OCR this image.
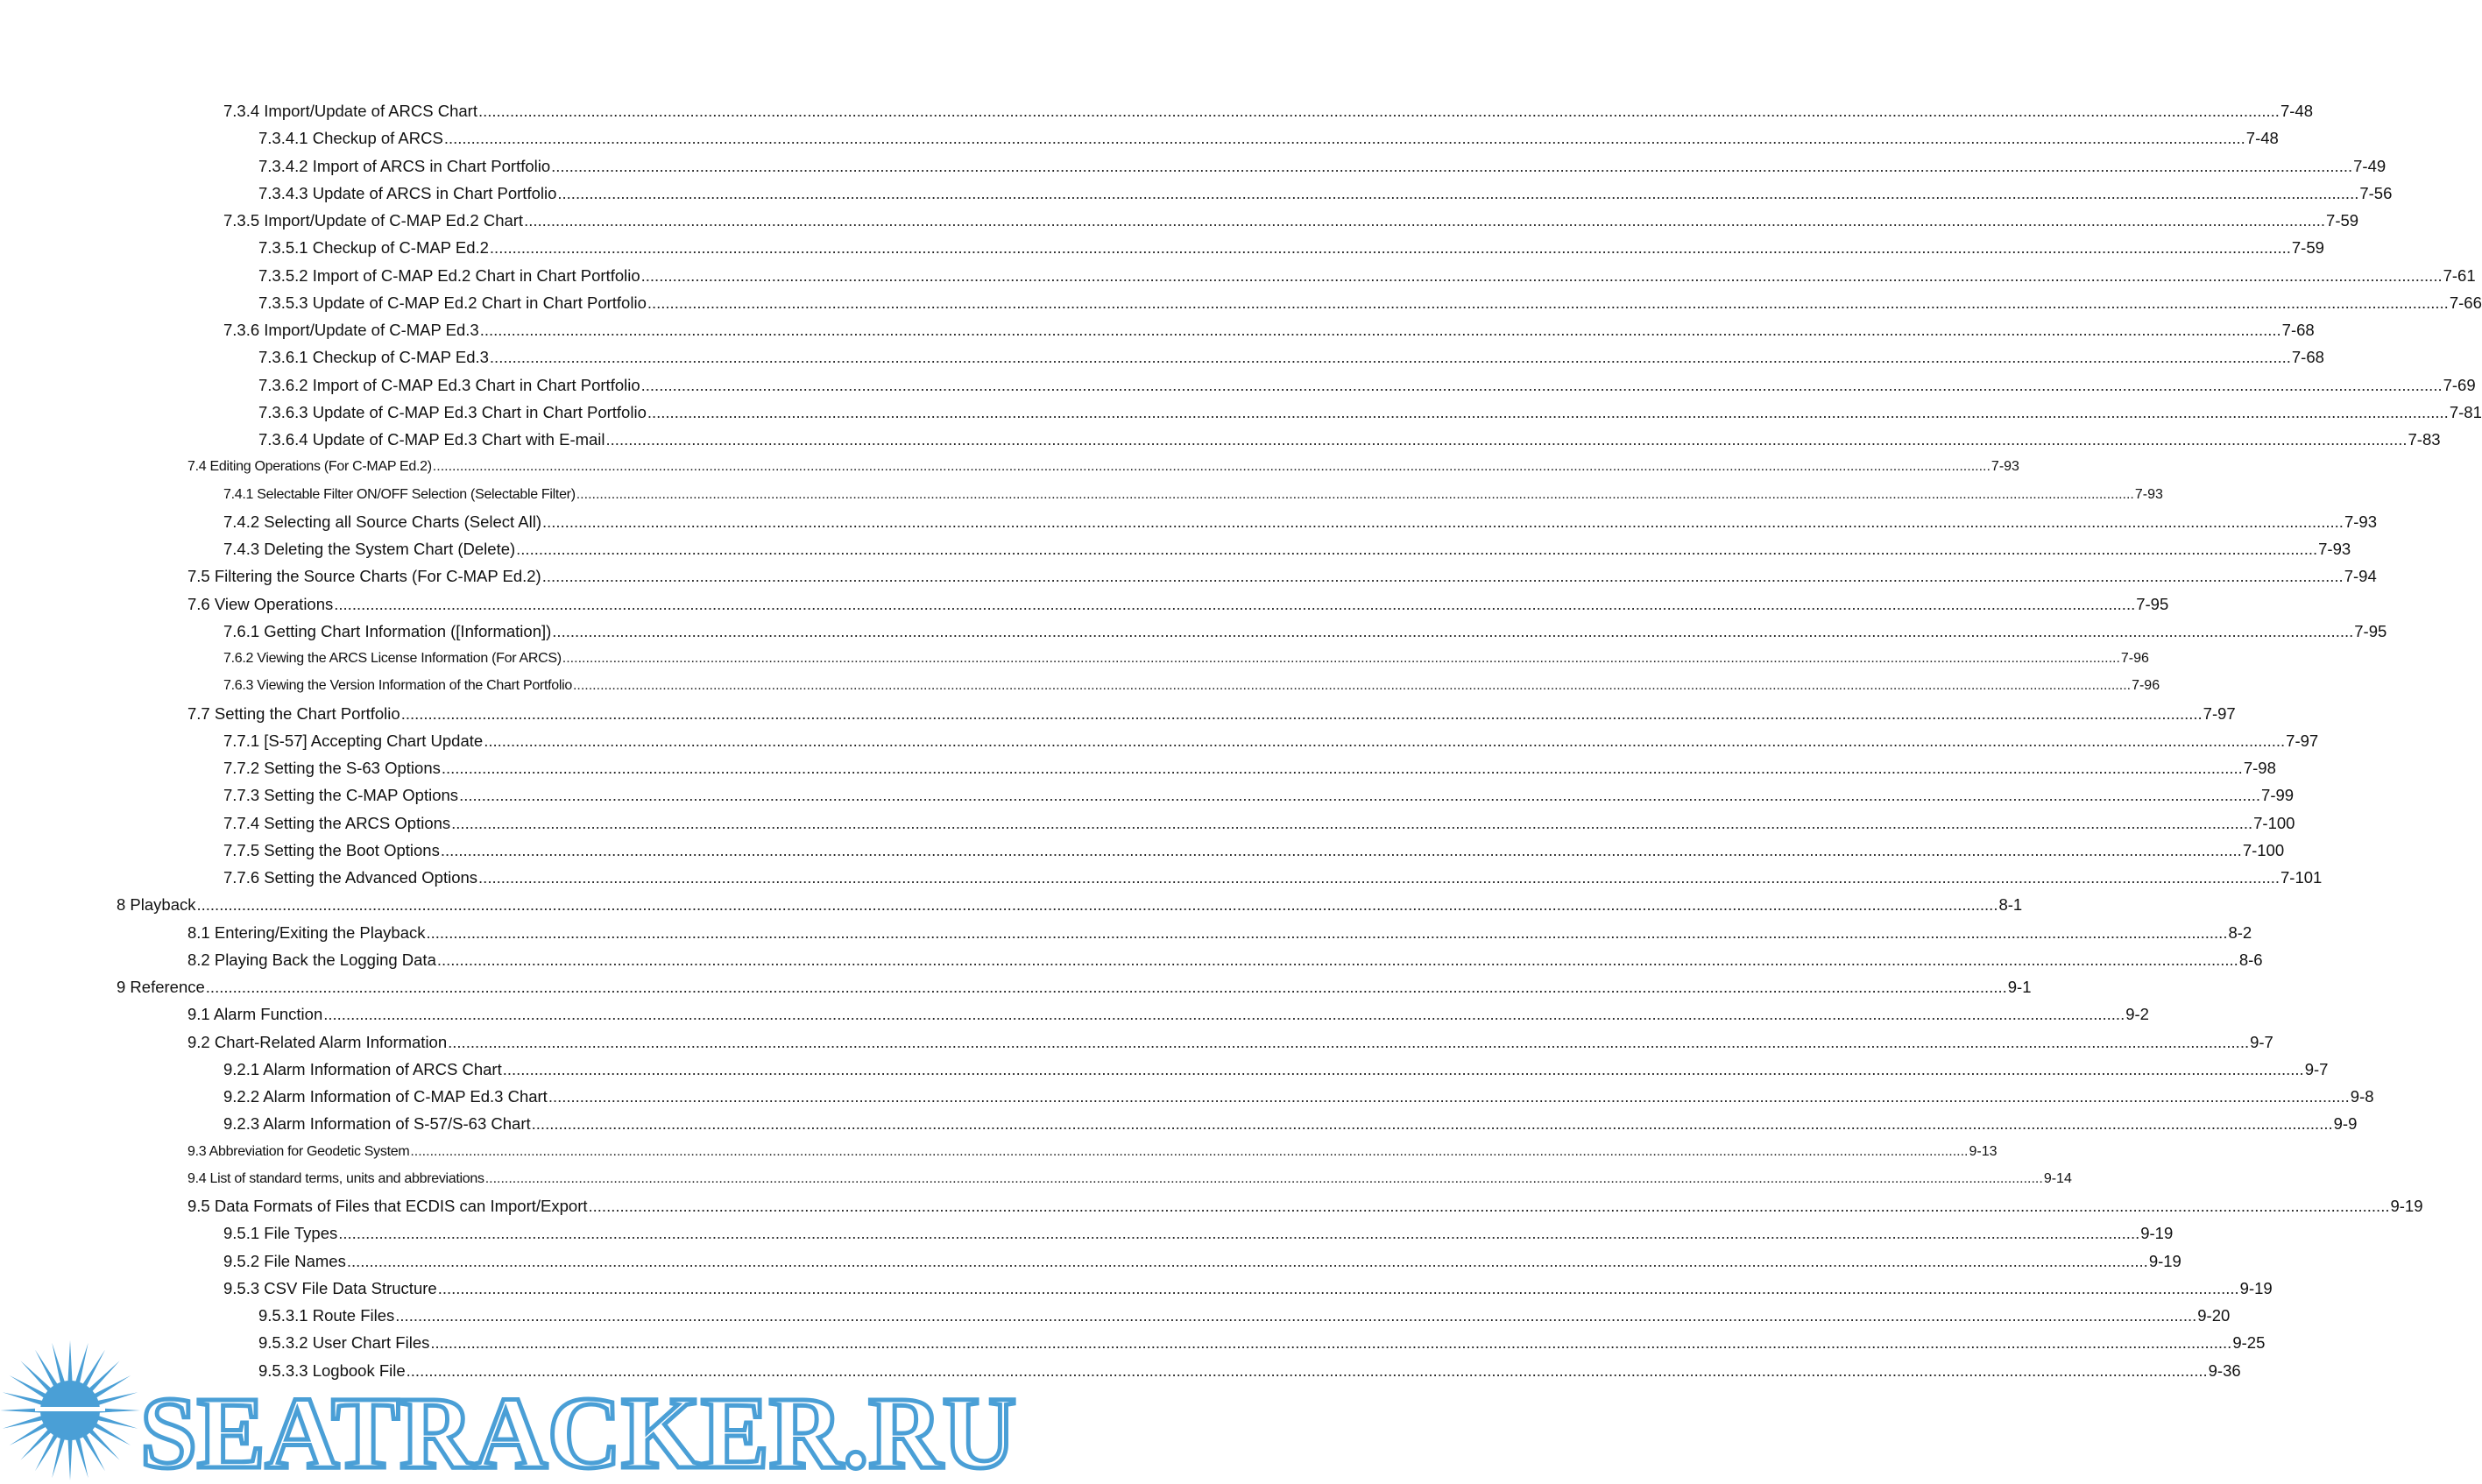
7.3.4 Import/Update of ARCS Chart ................................................................................................................................................................................................................................................................................................................................................................................................................ 7-48
7.3.4.1 Checkup of ARCS ................................................................................................................................................................................................................................................................................................................................................................................................................ 7-48
7.3.4.2 Import of ARCS in Chart Portfolio ................................................................................................................................................................................................................................................................................................................................................................................................................ 7-49
7.3.4.3 Update of ARCS in Chart Portfolio ................................................................................................................................................................................................................................................................................................................................................................................................................ 7-56
7.3.5 Import/Update of C-MAP Ed.2 Chart ................................................................................................................................................................................................................................................................................................................................................................................................................ 7-59
7.3.5.1 Checkup of C-MAP Ed.2 ................................................................................................................................................................................................................................................................................................................................................................................................................ 7-59
7.3.5.2 Import of C-MAP Ed.2 Chart in Chart Portfolio ................................................................................................................................................................................................................................................................................................................................................................................................................ 7-61
7.3.5.3 Update of C-MAP Ed.2 Chart in Chart Portfolio ................................................................................................................................................................................................................................................................................................................................................................................................................ 7-66
7.3.6 Import/Update of C-MAP Ed.3 ................................................................................................................................................................................................................................................................................................................................................................................................................ 7-68
7.3.6.1 Checkup of C-MAP Ed.3 ................................................................................................................................................................................................................................................................................................................................................................................................................ 7-68
7.3.6.2 Import of C-MAP Ed.3 Chart in Chart Portfolio ................................................................................................................................................................................................................................................................................................................................................................................................................ 7-69
7.3.6.3 Update of C-MAP Ed.3 Chart in Chart Portfolio ................................................................................................................................................................................................................................................................................................................................................................................................................ 7-81
7.3.6.4 Update of C-MAP Ed.3 Chart with E-mail ................................................................................................................................................................................................................................................................................................................................................................................................................ 7-83
7.4 Editing Operations (For C-MAP Ed.2) ................................................................................................................................................................................................................................................................................................................................................................................................................ 7-93
7.4.1 Selectable Filter ON/OFF Selection (Selectable Filter) ................................................................................................................................................................................................................................................................................................................................................................................................................ 7-93
7.4.2 Selecting all Source Charts (Select All) ................................................................................................................................................................................................................................................................................................................................................................................................................ 7-93
7.4.3 Deleting the System Chart (Delete) ................................................................................................................................................................................................................................................................................................................................................................................................................ 7-93
7.5 Filtering the Source Charts (For C-MAP Ed.2) ................................................................................................................................................................................................................................................................................................................................................................................................................ 7-94
7.6 View Operations ................................................................................................................................................................................................................................................................................................................................................................................................................ 7-95
7.6.1 Getting Chart Information ([Information]) ................................................................................................................................................................................................................................................................................................................................................................................................................ 7-95
7.6.2 Viewing the ARCS License Information (For ARCS) ................................................................................................................................................................................................................................................................................................................................................................................................................ 7-96
7.6.3 Viewing the Version Information of the Chart Portfolio ................................................................................................................................................................................................................................................................................................................................................................................................................ 7-96
7.7 Setting the Chart Portfolio ................................................................................................................................................................................................................................................................................................................................................................................................................ 7-97
7.7.1 [S-57] Accepting Chart Update ................................................................................................................................................................................................................................................................................................................................................................................................................ 7-97
7.7.2 Setting the S-63 Options ................................................................................................................................................................................................................................................................................................................................................................................................................ 7-98
7.7.3 Setting the C-MAP Options ................................................................................................................................................................................................................................................................................................................................................................................................................ 7-99
7.7.4 Setting the ARCS Options ................................................................................................................................................................................................................................................................................................................................................................................................................ 7-100
7.7.5 Setting the Boot Options ................................................................................................................................................................................................................................................................................................................................................................................................................ 7-100
7.7.6 Setting the Advanced Options ................................................................................................................................................................................................................................................................................................................................................................................................................ 7-101
8 Playback ................................................................................................................................................................................................................................................................................................................................................................................................................ 8-1
8.1 Entering/Exiting the Playback ................................................................................................................................................................................................................................................................................................................................................................................................................ 8-2
8.2 Playing Back the Logging Data ................................................................................................................................................................................................................................................................................................................................................................................................................ 8-6
9 Reference ................................................................................................................................................................................................................................................................................................................................................................................................................ 9-1
9.1 Alarm Function ................................................................................................................................................................................................................................................................................................................................................................................................................ 9-2
9.2 Chart-Related Alarm Information ................................................................................................................................................................................................................................................................................................................................................................................................................ 9-7
9.2.1 Alarm Information of ARCS Chart ................................................................................................................................................................................................................................................................................................................................................................................................................ 9-7
9.2.2 Alarm Information of C-MAP Ed.3 Chart ................................................................................................................................................................................................................................................................................................................................................................................................................ 9-8
9.2.3 Alarm Information of S-57/S-63 Chart ................................................................................................................................................................................................................................................................................................................................................................................................................ 9-9
9.3 Abbreviation for Geodetic System ................................................................................................................................................................................................................................................................................................................................................................................................................ 9-13
9.4 List of standard terms, units and abbreviations ................................................................................................................................................................................................................................................................................................................................................................................................................ 9-14
9.5 Data Formats of Files that ECDIS can Import/Export ................................................................................................................................................................................................................................................................................................................................................................................................................ 9-19
9.5.1 File Types ................................................................................................................................................................................................................................................................................................................................................................................................................ 9-19
9.5.2 File Names ................................................................................................................................................................................................................................................................................................................................................................................................................ 9-19
9.5.3 CSV File Data Structure ................................................................................................................................................................................................................................................................................................................................................................................................................ 9-19
9.5.3.1 Route Files ................................................................................................................................................................................................................................................................................................................................................................................................................ 9-20
9.5.3.2 User Chart Files ................................................................................................................................................................................................................................................................................................................................................................................................................ 9-25
9.5.3.3 Logbook File ................................................................................................................................................................................................................................................................................................................................................................................................................ 9-36
SEATRACKER.RU
